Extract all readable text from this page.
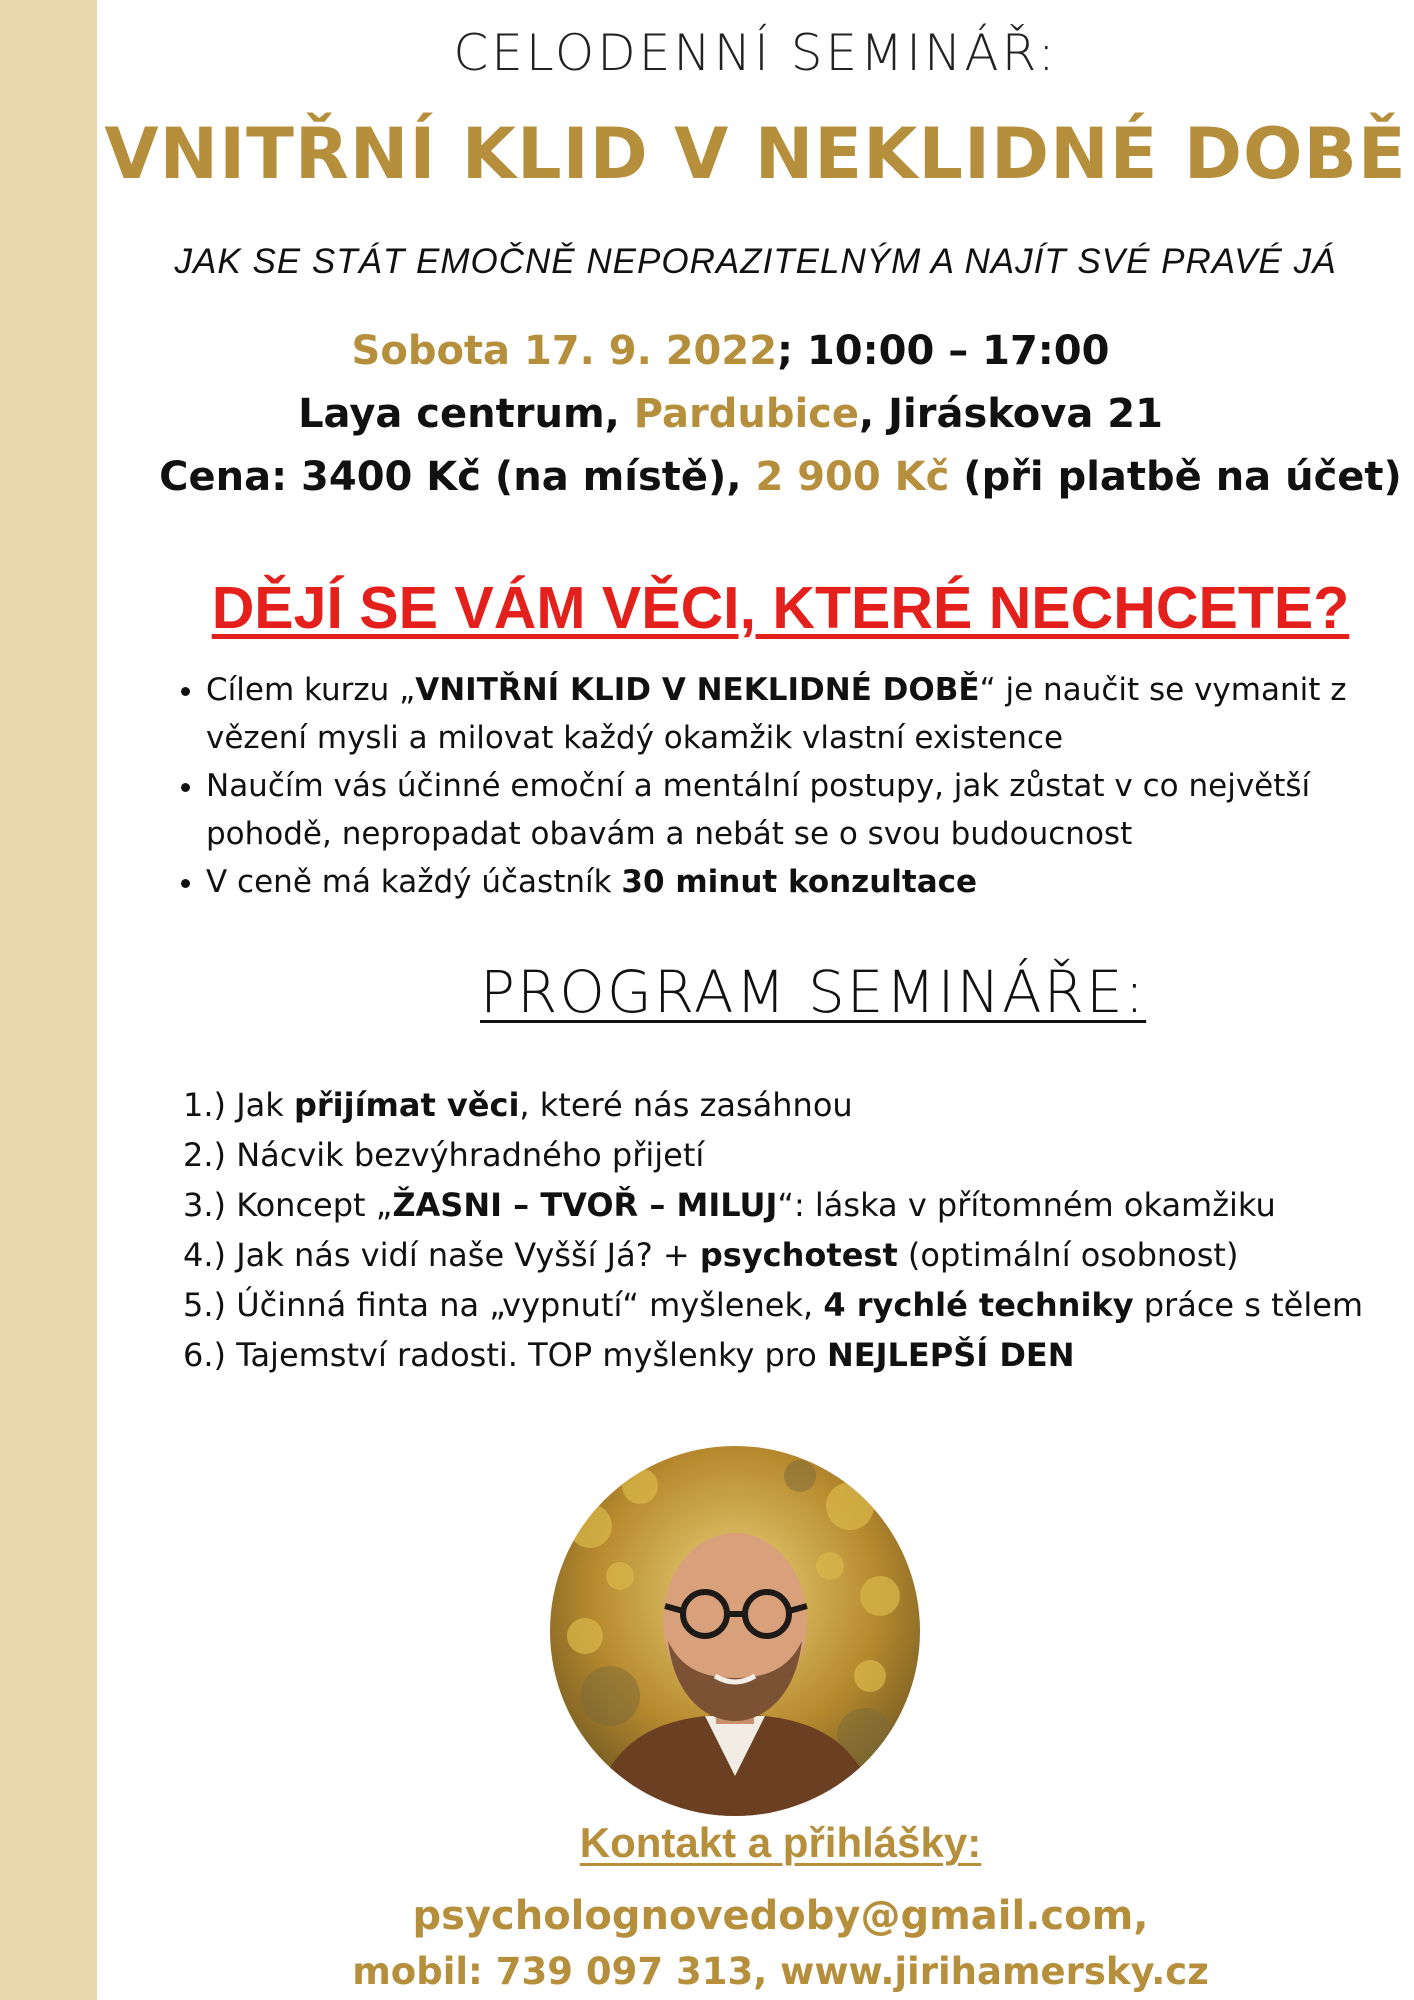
CELODENNÍ SEMINÁŘ:
VNITŘNÍ KLID V NEKLIDNÉ DOBĚ
JAK SE STÁT EMOČNĚ NEPORAZITELNÝM A NAJÍT SVÉ PRAVÉ JÁ
Sobota 17. 9. 2022; 10:00 – 17:00
Laya centrum, Pardubice, Jiráskova 21
Cena: 3400 Kč (na místě), 2 900 Kč (při platbě na účet)
DĚJÍ SE VÁM VĚCI, KTERÉ NECHCETE?
• Cílem kurzu „VNITŘNÍ KLID V NEKLIDNÉ DOBĚ“ je naučit se vymanit z vězení mysli a milovat každý okamžik vlastní existence
• Naučím vás účinné emoční a mentální postupy, jak zůstat v co největší pohodě, nepropadat obavám a nebát se o svou budoucnost
• V ceně má každý účastník 30 minut konzultace
PROGRAM SEMINÁŘE:
1.) Jak přijímat věci, které nás zasáhnou
2.) Nácvik bezvýhradného přijetí
3.) Koncept „ŽASNI – TVOŘ – MILUJ“: láska v přítomném okamžiku
4.) Jak nás vidí naše Vyšší Já? + psychotest (optimální osobnost)
5.) Účinná finta na „vypnutí“ myšlenek, 4 rychlé techniky práce s tělem
6.) Tajemství radosti. TOP myšlenky pro NEJLEPŠÍ DEN
Kontakt a přihlášky:
psycholognovedoby@gmail.com,
mobil: 739 097 313, www.jirihamersky.cz
